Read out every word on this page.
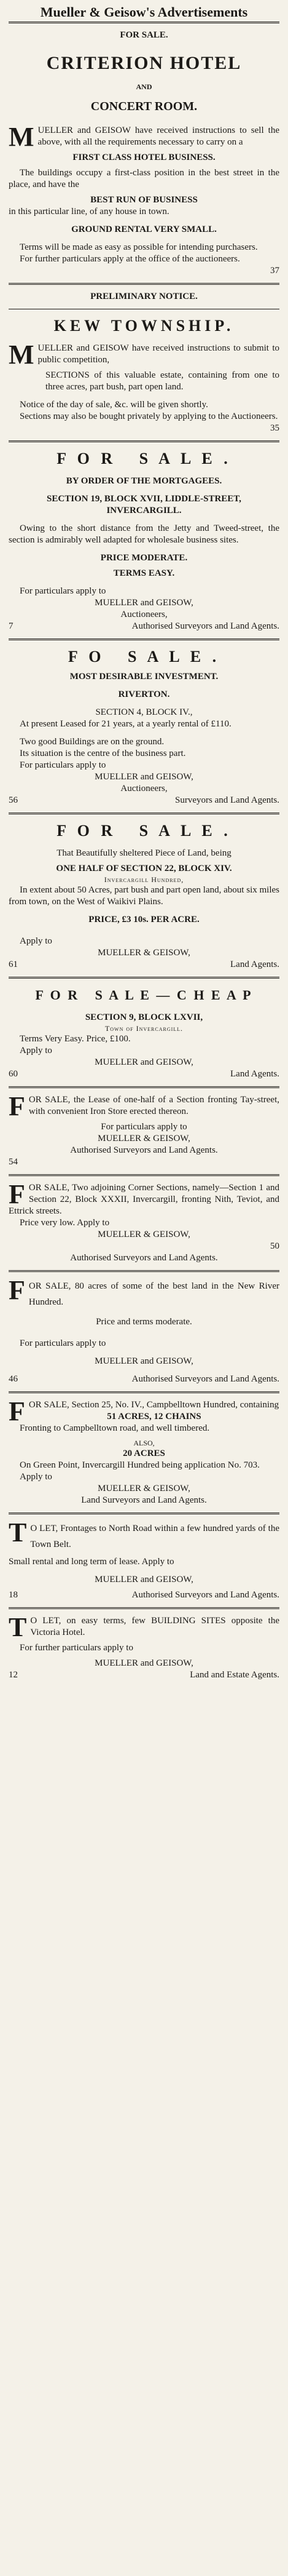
Mueller & Geisow's Advertisements

FOR SALE.

CRITERION HOTEL

AND

CONCERT ROOM.

MUELLER and GEISOW have received instructions to sell the above, with all the requirements necessary to carry on a

FIRST CLASS HOTEL BUSINESS.

The buildings occupy a first-class position in the best street in the place, and have the

BEST RUN OF BUSINESS

in this particular line, of any house in town.

GROUND RENTAL VERY SMALL.

Terms will be made as easy as possible for intending purchasers.

For further particulars apply at the office of the auctioneers.

37

PRELIMINARY NOTICE.

KEW TOWNSHIP.

MUELLER and GEISOW have received instructions to submit to public competition,

SECTIONS of this valuable estate, containing from one to three acres, part bush, part open land.

Notice of the day of sale, &c. will be given shortly.

Sections may also be bought privately by applying to the Auctioneers.

35

F O R   S A L E .

BY ORDER OF THE MORTGAGEES.

SECTION 19, BLOCK XVII, LIDDLE-STREET, INVERCARGILL.

Owing to the short distance from the Jetty and Tweed-street, the section is admirably well adapted for wholesale business sites.

PRICE MODERATE.

TERMS EASY.

For particulars apply to

MUELLER and GEISOW,

Auctioneers,

7	Authorised Surveyors and Land Agents.

F O   S A L E .

MOST DESIRABLE INVESTMENT.

RIVERTON.

SECTION 4, BLOCK IV.,

At present Leased for 21 years, at a yearly rental of £110.

Two good Buildings are on the ground.

Its situation is the centre of the business part.

For particulars apply to

MUELLER and GEISOW,

Auctioneers,

56	Surveyors and Land Agents.

F O R   S A L E .

That Beautifully sheltered Piece of Land, being

ONE HALF OF SECTION 22, BLOCK XIV.

Invercargill Hundred,

In extent about 50 Acres, part bush and part open land, about six miles from town, on the West of Waikivi Plains.

PRICE, £3 10s. PER ACRE.

Apply to

MUELLER & GEISOW,

61	Land Agents.

F O R   S A L E — C H E A P

SECTION 9, BLOCK LXVII,

Town of Invercargill.

Terms Very Easy. Price, £100.

Apply to

MUELLER and GEISOW,

60	Land Agents.

FOR SALE, the Lease of one-half of a Section fronting Tay-street, with convenient Iron Store erected thereon.

For particulars apply to

MUELLER & GEISOW,

Authorised Surveyors and Land Agents.

54

FOR SALE, Two adjoining Corner Sections, namely—Section 1 and Section 22, Block XXXII, Invercargill, fronting Nith, Teviot, and Ettrick streets.

Price very low. Apply to

MUELLER & GEISOW,

50

Authorised Surveyors and Land Agents.

FOR SALE, 80 acres of some of the best land in the New River Hundred.

Price and terms moderate.

For particulars apply to

MUELLER and GEISOW,

46	Authorised Surveyors and Land Agents.

FOR SALE, Section 25, No. IV., Campbelltown Hundred, containing

51 ACRES, 12 CHAINS

Fronting to Campbelltown road, and well timbered.

ALSO,

20 ACRES

On Green Point, Invercargill Hundred being application No. 703.

Apply to

MUELLER & GEISOW,

Land Surveyors and Land Agents.

T O LET, Frontages to North Road within a few hundred yards of the Town Belt.

Small rental and long term of lease. Apply to

MUELLER and GEISOW,

18	Authorised Surveyors and Land Agents.

T O LET, on easy terms, few BUILDING SITES opposite the Victoria Hotel.

For further particulars apply to

MUELLER and GEISOW,

12	Land and Estate Agents.
